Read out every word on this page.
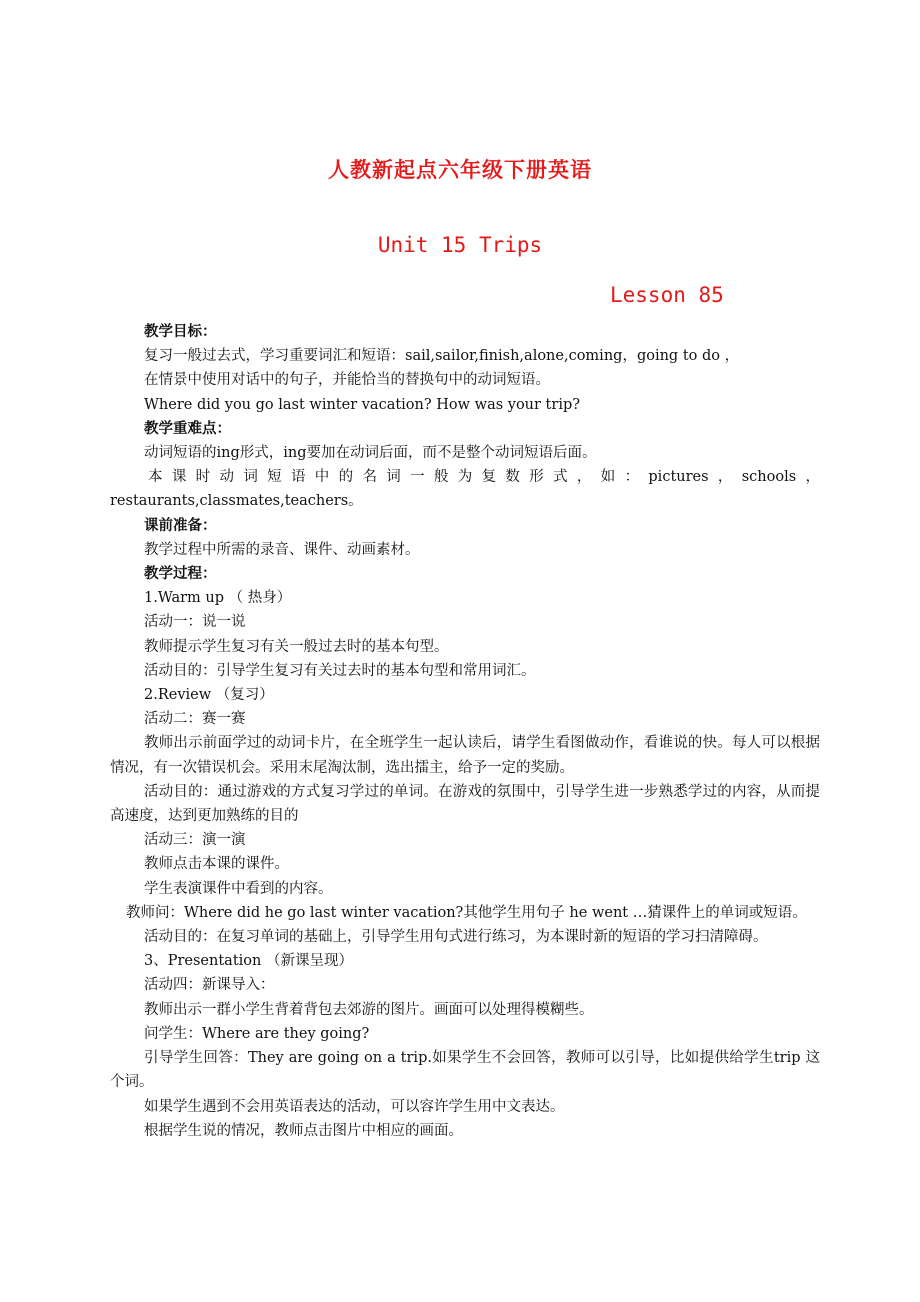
人教新起点六年级下册英语
Unit 15 Trips
Lesson 85

教学目标：

复习一般过去式，学习重要词汇和短语：sail,sailor,finish,alone,coming，going to do ，

在情景中使用对话中的句子，并能恰当的替换句中的动词短语。

Where did you go last winter vacation? How was your trip?

教学重难点：

动词短语的ing形式，ing要加在动词后面，而不是整个动词短语后面。

本课时动词短语中的名词一般为复数形式，如：pictures，schools，

restaurants,classmates,teachers。

课前准备：

教学过程中所需的录音、课件、动画素材。

教学过程：

1.Warm up （ 热身）

活动一：说一说

教师提示学生复习有关一般过去时的基本句型。

活动目的：引导学生复习有关过去时的基本句型和常用词汇。

2.Review （复习）

活动二：赛一赛

教师出示前面学过的动词卡片，在全班学生一起认读后，请学生看图做动作，看谁说的快。每人可以根据情况，有一次错误机会。采用末尾淘汰制，选出擂主，给予一定的奖励。

活动目的：通过游戏的方式复习学过的单词。在游戏的氛围中，引导学生进一步熟悉学过的内容，从而提高速度，达到更加熟练的目的

活动三：演一演

教师点击本课的课件。

学生表演课件中看到的内容。

教师问：Where did he go last winter vacation?其他学生用句子 he went …猜课件上的单词或短语。

活动目的：在复习单词的基础上，引导学生用句式进行练习，为本课时新的短语的学习扫清障碍。

3、Presentation （新课呈现）

活动四：新课导入：

教师出示一群小学生背着背包去郊游的图片。画面可以处理得模糊些。

问学生：Where are they going?

引导学生回答：They are going on a trip.如果学生不会回答，教师可以引导，比如提供给学生trip 这个词。

如果学生遇到不会用英语表达的活动，可以容许学生用中文表达。

根据学生说的情况，教师点击图片中相应的画面。
